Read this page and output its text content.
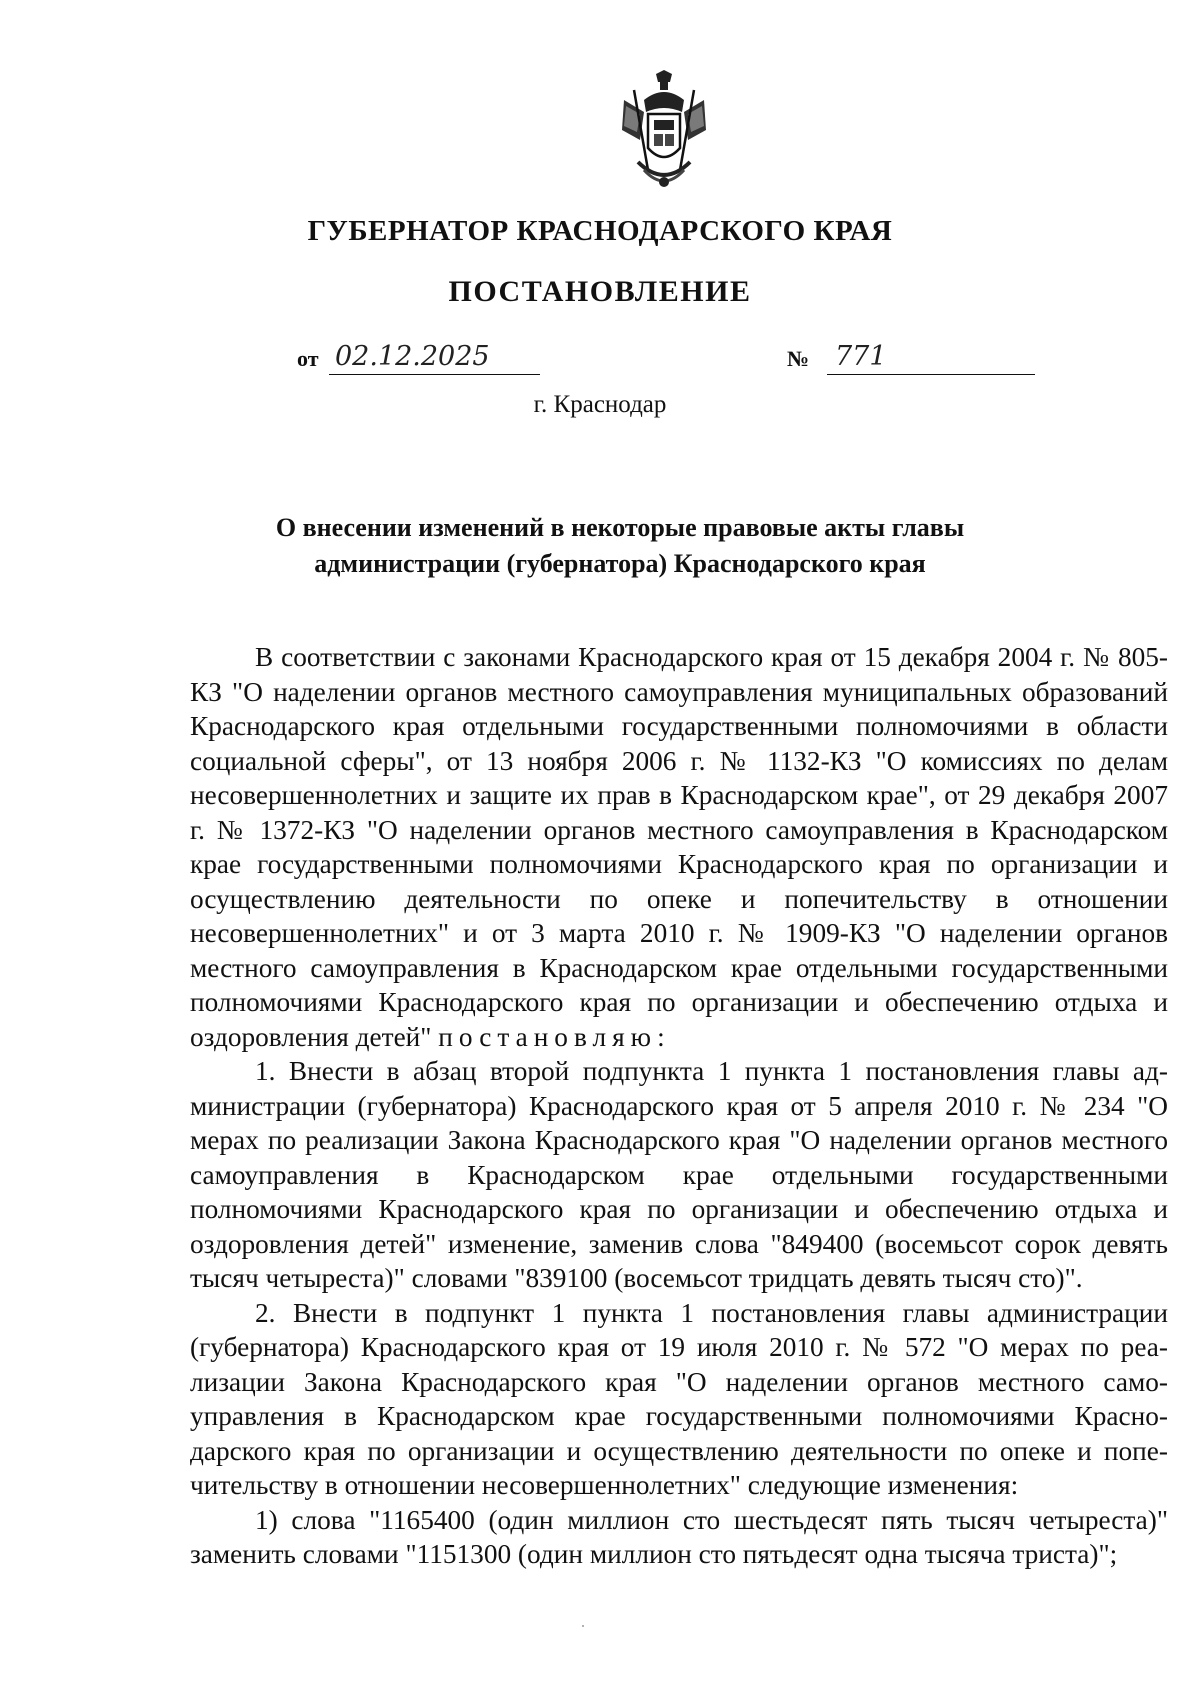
ГУБЕРНАТОР КРАСНОДАРСКОГО КРАЯ
ПОСТАНОВЛЕНИЕ
от 02.12.2025	№ 771
г. Краснодар
О внесении изменений в некоторые правовые акты главы
администрации (губернатора) Краснодарского края

В соответствии с законами Краснодарского края от 15 декабря 2004 г. № 805-КЗ "О наделении органов местного самоуправления муниципальных образований Краснодарского края отдельными государственными полномочиями в области социальной сферы", от 13 ноября 2006 г. № 1132-КЗ "О комиссиях по делам несовершеннолетних и защите их прав в Краснодарском крае", от 29 декабря 2007 г. № 1372-КЗ "О наделении органов местного самоуправления в Краснодарском крае государственными полномочиями Краснодарского края по организации и осуществлению деятельности по опеке и попечительству в отношении несовершеннолетних" и от 3 марта 2010 г. № 1909-КЗ "О наделении органов местного самоуправления в Краснодарском крае отдельными государственными полномочиями Краснодарского края по организации и обеспечению отдыха и оздоровления детей" постановляю:

1. Внести в абзац второй подпункта 1 пункта 1 постановления главы администрации (губернатора) Краснодарского края от 5 апреля 2010 г. № 234 "О мерах по реализации Закона Краснодарского края "О наделении органов местного самоуправления в Краснодарском крае отдельными государственными полномочиями Краснодарского края по организации и обеспечению отдыха и оздоровления детей" изменение, заменив слова "849400 (восемьсот сорок девять тысяч четыреста)" словами "839100 (восемьсот тридцать девять тысяч сто)".

2. Внести в подпункт 1 пункта 1 постановления главы администрации (губернатора) Краснодарского края от 19 июля 2010 г. № 572 "О мерах по реализации Закона Краснодарского края "О наделении органов местного самоуправления в Краснодарском крае государственными полномочиями Краснодарского края по организации и осуществлению деятельности по опеке и попечительству в отношении несовершеннолетних" следующие изменения:

1) слова "1165400 (один миллион сто шестьдесят пять тысяч четыреста)" заменить словами "1151300 (один миллион сто пятьдесят одна тысяча триста)";
